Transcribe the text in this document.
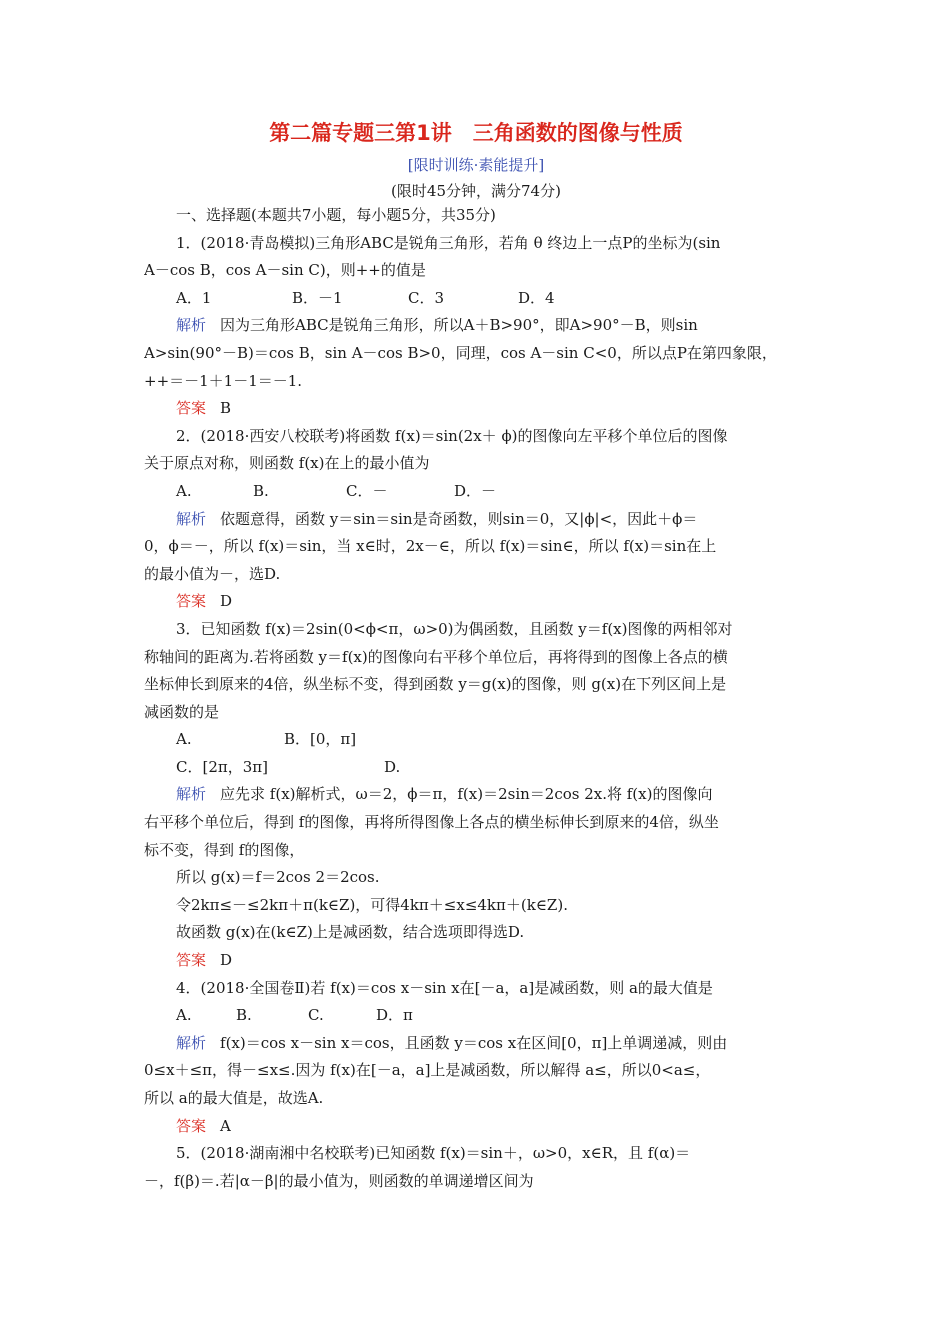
第二篇专题三第1讲　三角函数的图像与性质
[限时训练·素能提升]
(限时45分钟，满分74分)
一、选择题(本题共7小题，每小题5分，共35分)
1．(2018·青岛模拟)三角形ABC是锐角三角形，若角 θ 终边上一点P的坐标为(sin
A－cos B，cos A－sin C)，则++的值是
A．1	B．－1	C．3	D．4
解析 因为三角形ABC是锐角三角形，所以A＋B>90°，即A>90°－B，则sin
A>sin(90°－B)＝cos B，sin A－cos B>0，同理，cos A－sin C<0，所以点P在第四象限，
++＝－1＋1－1＝－1.
答案 B
2．(2018·西安八校联考)将函数 f(x)＝sin(2x＋ ϕ)的图像向左平移个单位后的图像
关于原点对称，则函数 f(x)在上的最小值为
A.	B.	C．－	D．－
解析 依题意得，函数 y＝sin＝sin是奇函数，则sin＝0，又|ϕ|<，因此＋ϕ＝
0，ϕ＝－，所以 f(x)＝sin，当 x∈时，2x－∈，所以 f(x)＝sin∈，所以 f(x)＝sin在上
的最小值为－，选D.
答案 D
3．已知函数 f(x)＝2sin(0<ϕ<π，ω>0)为偶函数，且函数 y＝f(x)图像的两相邻对
称轴间的距离为.若将函数 y＝f(x)的图像向右平移个单位后，再将得到的图像上各点的横
坐标伸长到原来的4倍，纵坐标不变，得到函数 y＝g(x)的图像，则 g(x)在下列区间上是
减函数的是
A.	B．[0，π]
C．[2π，3π]	D.
解析 应先求 f(x)解析式，ω＝2，ϕ＝π，f(x)＝2sin＝2cos 2x.将 f(x)的图像向
右平移个单位后，得到 f的图像，再将所得图像上各点的横坐标伸长到原来的4倍，纵坐
标不变，得到 f的图像，
所以 g(x)＝f＝2cos 2＝2cos.
令2kπ≤－≤2kπ＋π(k∈Z)，可得4kπ＋≤x≤4kπ＋(k∈Z).
故函数 g(x)在(k∈Z)上是减函数，结合选项即得选D.
答案 D
4．(2018·全国卷Ⅱ)若 f(x)＝cos x－sin x在[－a，a]是减函数，则 a的最大值是
A.	B.	C.	D．π
解析 f(x)＝cos x－sin x＝cos，且函数 y＝cos x在区间[0，π]上单调递减，则由
0≤x＋≤π，得－≤x≤.因为 f(x)在[－a，a]上是减函数，所以解得 a≤，所以0<a≤，
所以 a的最大值是，故选A.
答案 A
5．(2018·湖南湘中名校联考)已知函数 f(x)＝sin＋，ω>0，x∈R，且 f(α)＝
－，f(β)＝.若|α－β|的最小值为，则函数的单调递增区间为
